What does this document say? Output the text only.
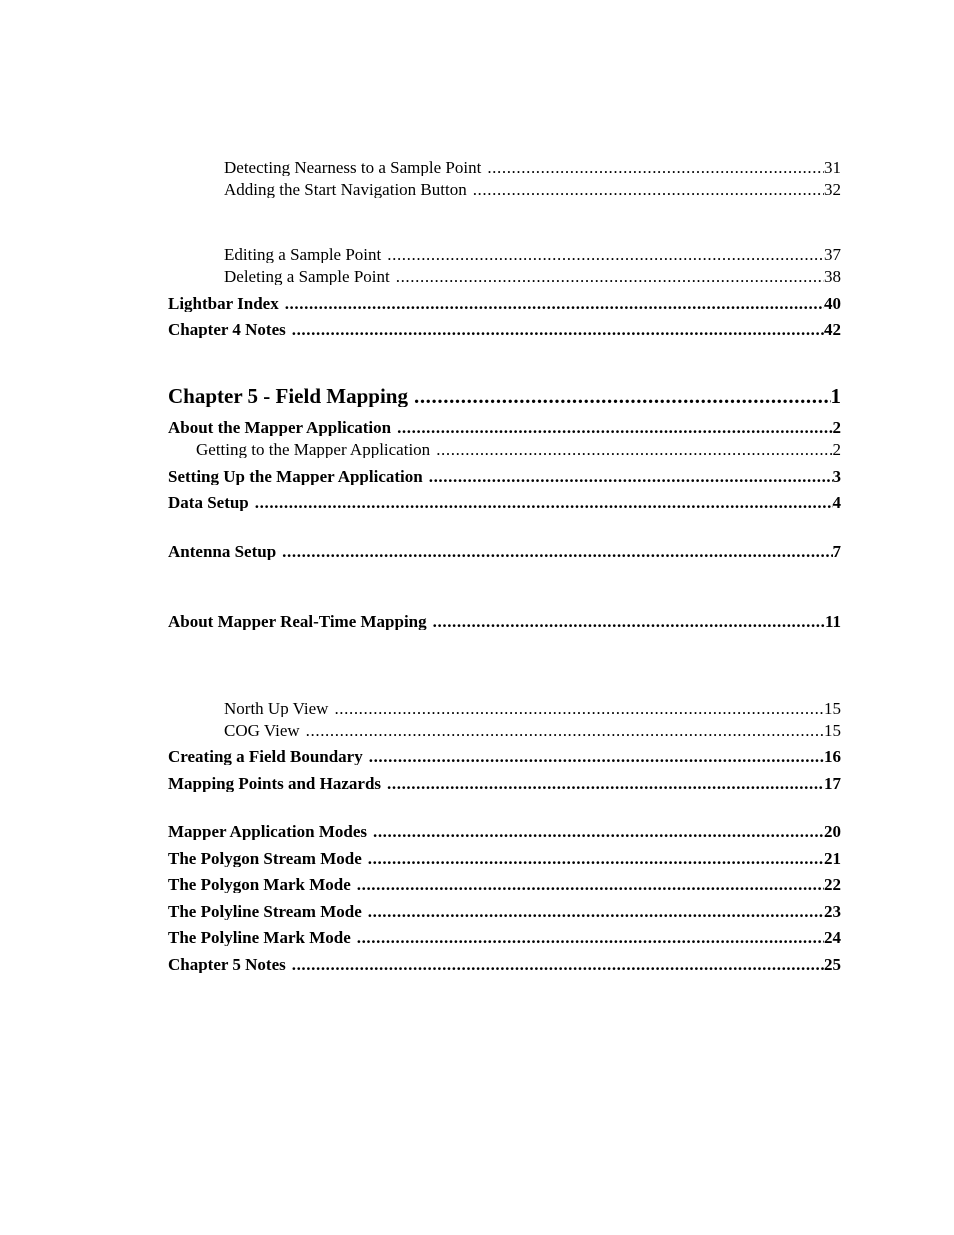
Detecting Nearness to a Sample Point .....	31
Adding the Start Navigation Button .....	32
Editing a Sample Point .....	37
Deleting a Sample Point .....	38
Lightbar Index .....	40
Chapter 4 Notes .....	42
Chapter 5 - Field Mapping .....	1
About the Mapper Application .....	2
Getting to the Mapper Application .....	2
Setting Up the Mapper Application .....	3
Data Setup .....	4
Antenna Setup .....	7
About Mapper Real-Time Mapping .....	11
North Up View .....	15
COG View .....	15
Creating a Field Boundary .....	16
Mapping Points and Hazards .....	17
Mapper Application Modes .....	20
The Polygon Stream Mode .....	21
The Polygon Mark Mode .....	22
The Polyline Stream Mode .....	23
The Polyline Mark Mode .....	24
Chapter 5 Notes .....	25
